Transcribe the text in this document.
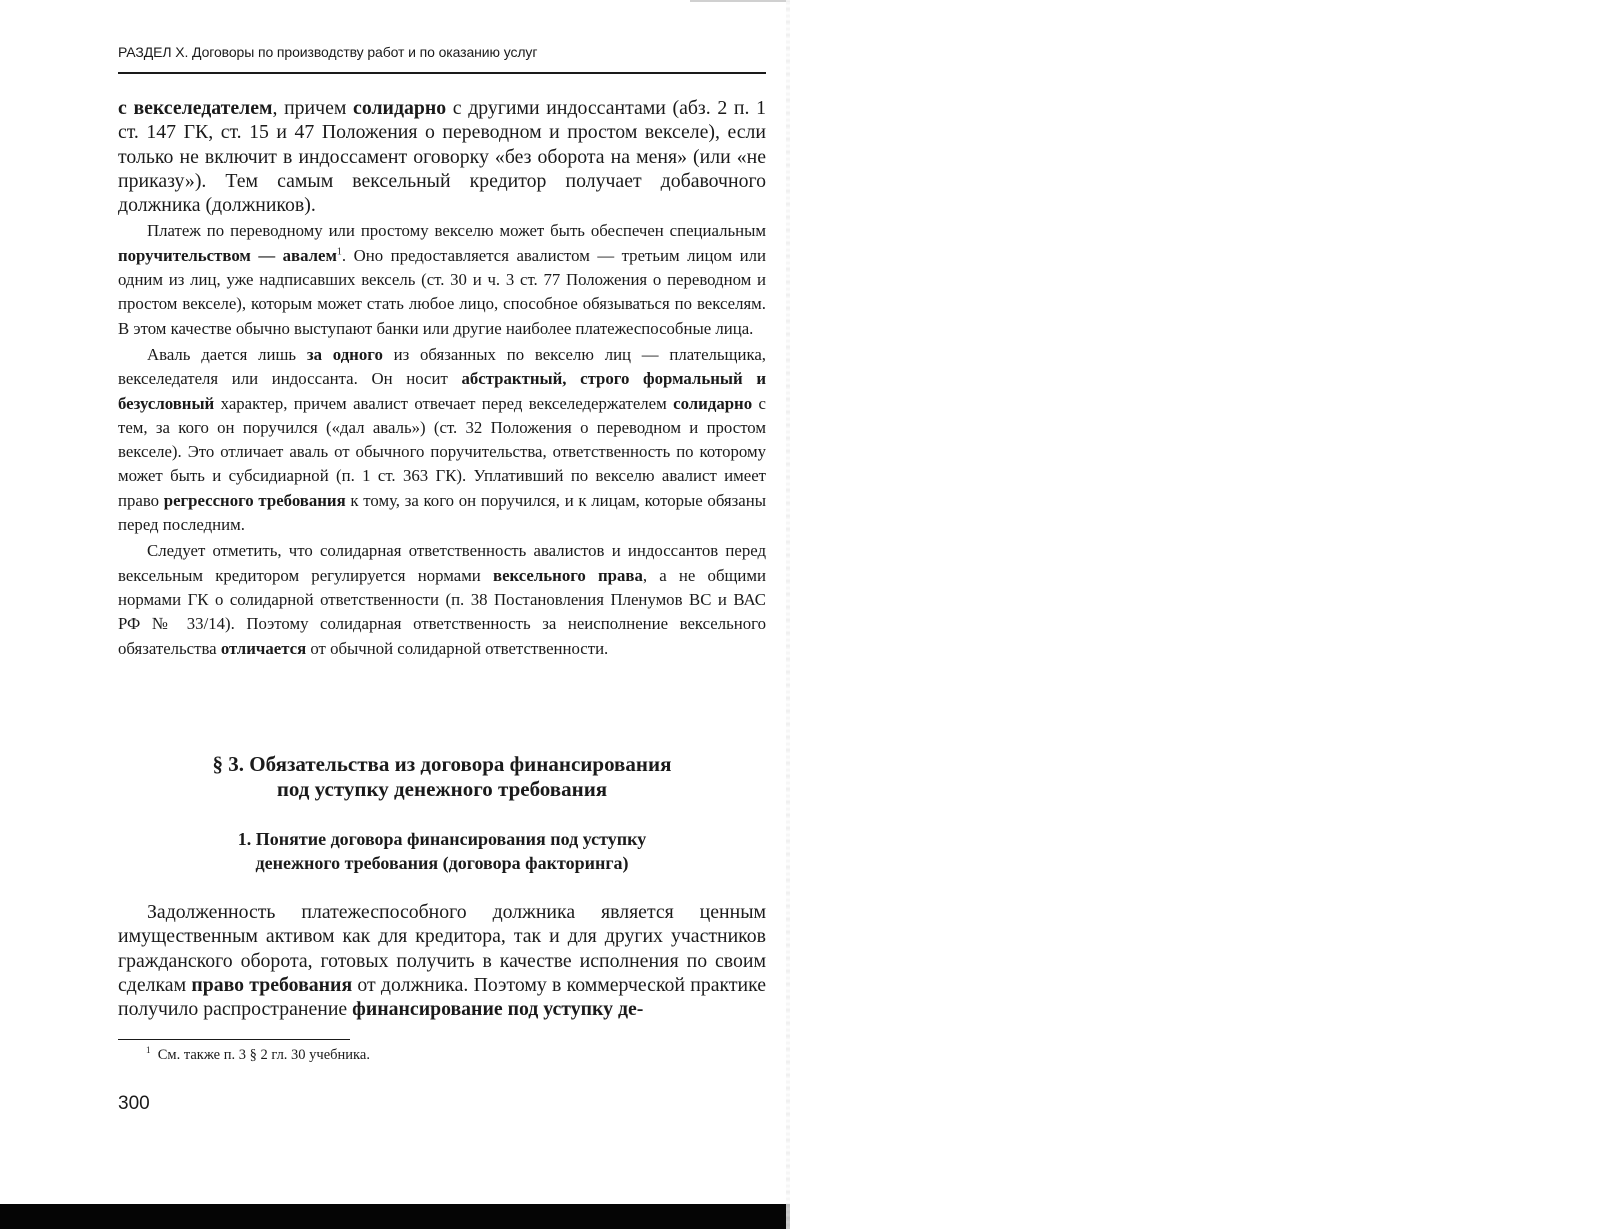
РАЗДЕЛ X. Договоры по производству работ и по оказанию услуг

с векселедателем, причем солидарно с другими индоссантами (абз. 2 п. 1 ст. 147 ГК, ст. 15 и 47 Положения о переводном и простом векселе), если только не включит в индоссамент оговорку «без оборота на меня» (или «не приказу»). Тем самым вексельный кредитор получает добавочного должника (должников).

Платеж по переводному или простому векселю может быть обеспечен специальным поручительством — авалем$^1$. Оно предоставляется авалистом — третьим лицом или одним из лиц, уже надписавших вексель (ст. 30 и ч. 3 ст. 77 Положения о переводном и простом векселе), которым может стать любое лицо, способное обязываться по векселям. В этом качестве обычно выступают банки или другие наиболее платежеспособные лица.

Аваль дается лишь за одного из обязанных по векселю лиц — плательщика, векселедателя или индоссанта. Он носит абстрактный, строго формальный и безусловный характер, причем авалист отвечает перед векселедержателем солидарно с тем, за кого он поручился («дал аваль») (ст. 32 Положения о переводном и простом векселе). Это отличает аваль от обычного поручительства, ответственность по которому может быть и субсидиарной (п. 1 ст. 363 ГК). Уплативший по векселю авалист имеет право регрессного требования к тому, за кого он поручился, и к лицам, которые обязаны перед последним.

Следует отметить, что солидарная ответственность авалистов и индоссантов перед вексельным кредитором регулируется нормами вексельного права, а не общими нормами ГК о солидарной ответственности (п. 38 Постановления Пленумов ВС и ВАС РФ № 33/14). Поэтому солидарная ответственность за неисполнение вексельного обязательства отличается от обычной солидарной ответственности.

§ 3. Обязательства из договора финансирования
под уступку денежного требования
1. Понятие договора финансирования под уступку
денежного требования (договора факторинга)

Задолженность платежеспособного должника является ценным имущественным активом как для кредитора, так и для других участников гражданского оборота, готовых получить в качестве исполнения по своим сделкам право требования от должника. Поэтому в коммерческой практике получило распространение финансирование под уступку де-

$^1$ См. также п. 3 § 2 гл. 30 учебника.
300
